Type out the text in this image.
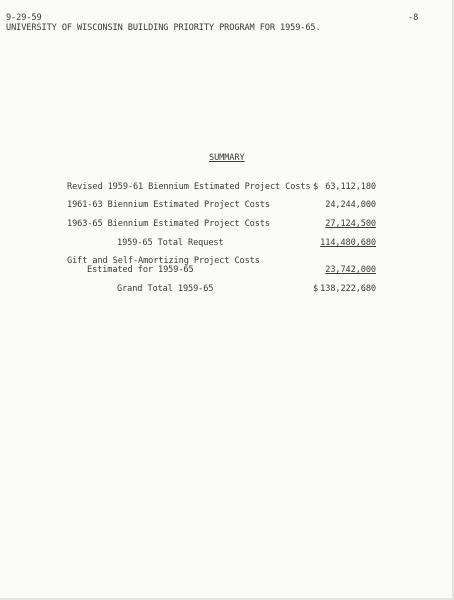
9-29-59	-8
UNIVERSITY OF WISCONSIN BUILDING PRIORITY PROGRAM FOR 1959-65.
SUMMARY
Revised 1959-61 Biennium Estimated Project Costs $ 63,112,180
1961-63 Biennium Estimated Project Costs	24,244,000
1963-65 Biennium Estimated Project Costs	27,124,500
1959-65 Total Request	114,480,680
Gift and Self-Amortizing Project Costs
Estimated for 1959-65	23,742,000
Grand Total 1959-65	$ 138,222,680
